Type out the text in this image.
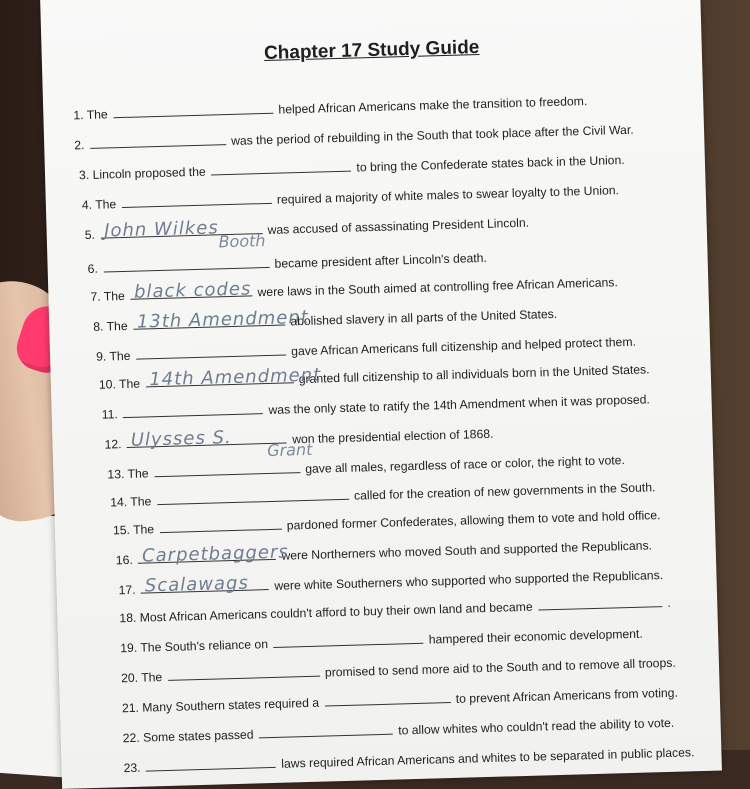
Chapter 17 Study Guide
1. The	helped African Americans make the transition to freedom.
2.	was the period of rebuilding in the South that took place after the Civil War.
3. Lincoln proposed the	to bring the Confederate states back in the Union.
4. The	required a majority of white males to swear loyalty to the Union.
5. John Wilkes Booth
was accused of assassinating President Lincoln.
6.	became president after Lincoln's death.
7. The black codes were laws in the South aimed at controlling free African Americans.
8. The 13th Amendment
abolished slavery in all parts of the United States.
9. The	gave African Americans full citizenship and helped protect them.
10. The 14th Amendment
granted full citizenship to all individuals born in the United States.
11.	was the only state to ratify the 14th Amendment when it was proposed.
12. Ulysses S. Grant
won the presidential election of 1868.
13. The	gave all males, regardless of race or color, the right to vote.
14. The	called for the creation of new governments in the South.
15. The	pardoned former Confederates, allowing them to vote and hold office.
16. Carpetbaggers
were Northerners who moved South and supported the Republicans.
17. Scalawags were white Southerners who supported who supported the Republicans.
18. Most African Americans couldn't afford to buy their own land and became	.
19. The South's reliance on	hampered their economic development.
20. The	promised to send more aid to the South and to remove all troops.
21. Many Southern states required a	to prevent African Americans from voting.
22. Some states passed	to allow whites who couldn't read the ability to vote.
23.	laws required African Americans and whites to be separated in public places.
